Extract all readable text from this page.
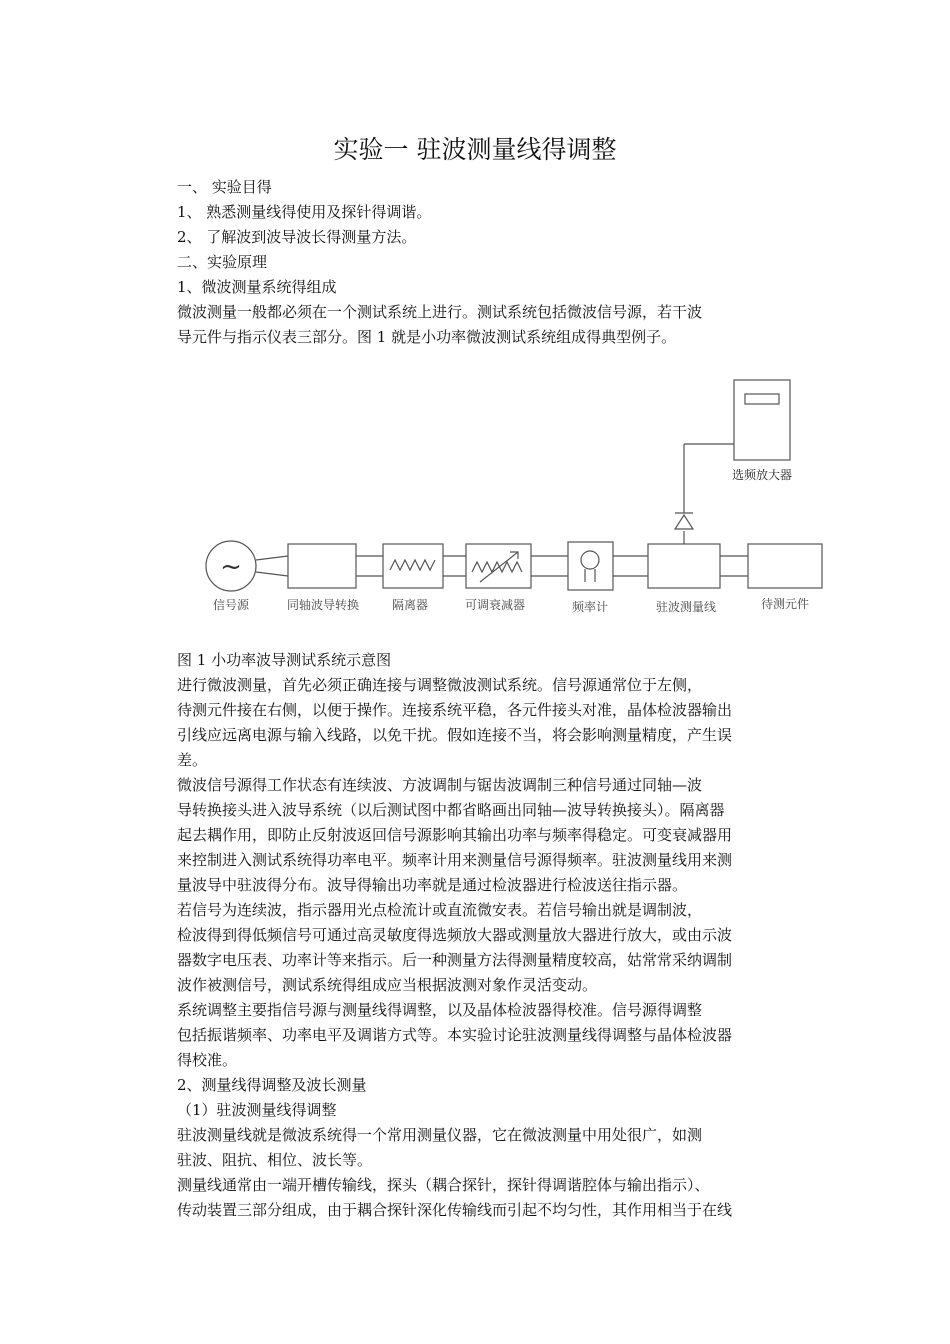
实验一 驻波测量线得调整
一、 实验目得
1、 熟悉测量线得使用及探针得调谐。
2、 了解波到波导波长得测量方法。
二、实验原理
1、微波测量系统得组成
微波测量一般都必须在一个测试系统上进行。测试系统包括微波信号源，若干波
导元件与指示仪表三部分。图 1 就是小功率微波测试系统组成得典型例子。
~
信号源	同轴波导转换	隔离器	可调衰减器	频率计	驻波测量线	待测元件
选频放大器
图 1 小功率波导测试系统示意图
进行微波测量，首先必须正确连接与调整微波测试系统。信号源通常位于左侧，
待测元件接在右侧，以便于操作。连接系统平稳，各元件接头对准，晶体检波器输出
引线应远离电源与输入线路，以免干扰。假如连接不当，将会影响测量精度，产生误
差。
微波信号源得工作状态有连续波、方波调制与锯齿波调制三种信号通过同轴—波
导转换接头进入波导系统（以后测试图中都省略画出同轴—波导转换接头）。隔离器
起去耦作用，即防止反射波返回信号源影响其输出功率与频率得稳定。可变衰减器用
来控制进入测试系统得功率电平。频率计用来测量信号源得频率。驻波测量线用来测
量波导中驻波得分布。波导得输出功率就是通过检波器进行检波送往指示器。
若信号为连续波，指示器用光点检流计或直流微安表。若信号输出就是调制波，
检波得到得低频信号可通过高灵敏度得选频放大器或测量放大器进行放大，或由示波
器数字电压表、功率计等来指示。后一种测量方法得测量精度较高，姑常常采纳调制
波作被测信号，测试系统得组成应当根据波测对象作灵活变动。
系统调整主要指信号源与测量线得调整，以及晶体检波器得校准。信号源得调整
包括振谐频率、功率电平及调谐方式等。本实验讨论驻波测量线得调整与晶体检波器
得校准。
2、测量线得调整及波长测量
（1）驻波测量线得调整
驻波测量线就是微波系统得一个常用测量仪器，它在微波测量中用处很广，如测
驻波、阻抗、相位、波长等。
测量线通常由一端开槽传输线，探头（耦合探针，探针得调谐腔体与输出指示）、
传动装置三部分组成，由于耦合探针深化传输线而引起不均匀性，其作用相当于在线
